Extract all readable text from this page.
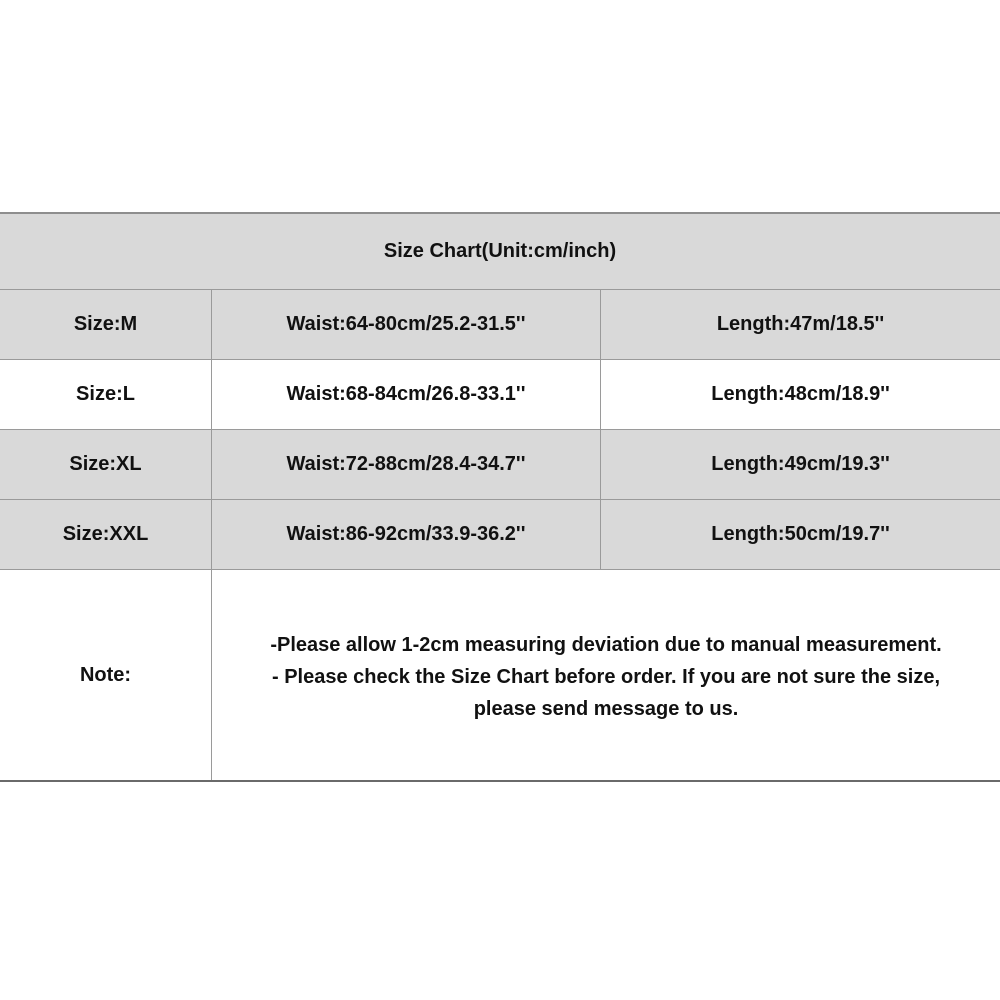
Size Chart(Unit:cm/inch)
Size:M	Waist:64-80cm/25.2-31.5''	Length:47m/18.5''
Size:L	Waist:68-84cm/26.8-33.1''	Length:48cm/18.9''
Size:XL	Waist:72-88cm/28.4-34.7''	Length:49cm/19.3''
Size:XXL	Waist:86-92cm/33.9-36.2''	Length:50cm/19.7''
Note:
-Please allow 1-2cm measuring deviation due to manual measurement.
- Please check the Size Chart before order. If you are not sure the size,
please send message to us.
